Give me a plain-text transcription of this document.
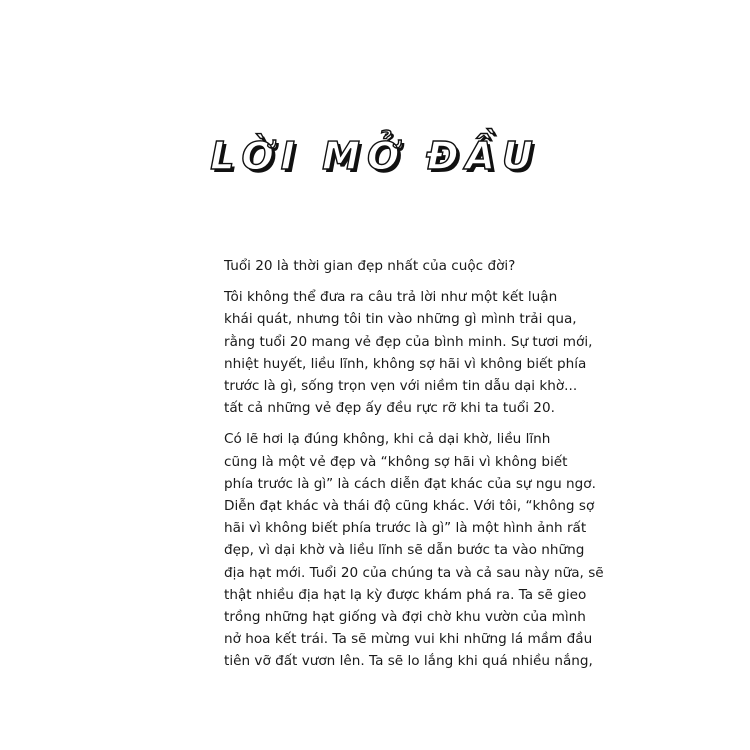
LỜI MỞ ĐẦU

Tuổi 20 là thời gian đẹp nhất của cuộc đời?

Tôi không thể đưa ra câu trả lời như một kết luận
khái quát, nhưng tôi tin vào những gì mình trải qua,
rằng tuổi 20 mang vẻ đẹp của bình minh. Sự tươi mới,
nhiệt huyết, liều lĩnh, không sợ hãi vì không biết phía
trước là gì, sống trọn vẹn với niềm tin dẫu dại khờ...
tất cả những vẻ đẹp ấy đều rực rỡ khi ta tuổi 20.

Có lẽ hơi lạ đúng không, khi cả dại khờ, liều lĩnh
cũng là một vẻ đẹp và “không sợ hãi vì không biết
phía trước là gì” là cách diễn đạt khác của sự ngu ngơ.
Diễn đạt khác và thái độ cũng khác. Với tôi, “không sợ
hãi vì không biết phía trước là gì” là một hình ảnh rất
đẹp, vì dại khờ và liều lĩnh sẽ dẫn bước ta vào những
địa hạt mới. Tuổi 20 của chúng ta và cả sau này nữa, sẽ
thật nhiều địa hạt lạ kỳ được khám phá ra. Ta sẽ gieo
trồng những hạt giống và đợi chờ khu vườn của mình
nở hoa kết trái. Ta sẽ mừng vui khi những lá mầm đầu
tiên vỡ đất vươn lên. Ta sẽ lo lắng khi quá nhiều nắng,
